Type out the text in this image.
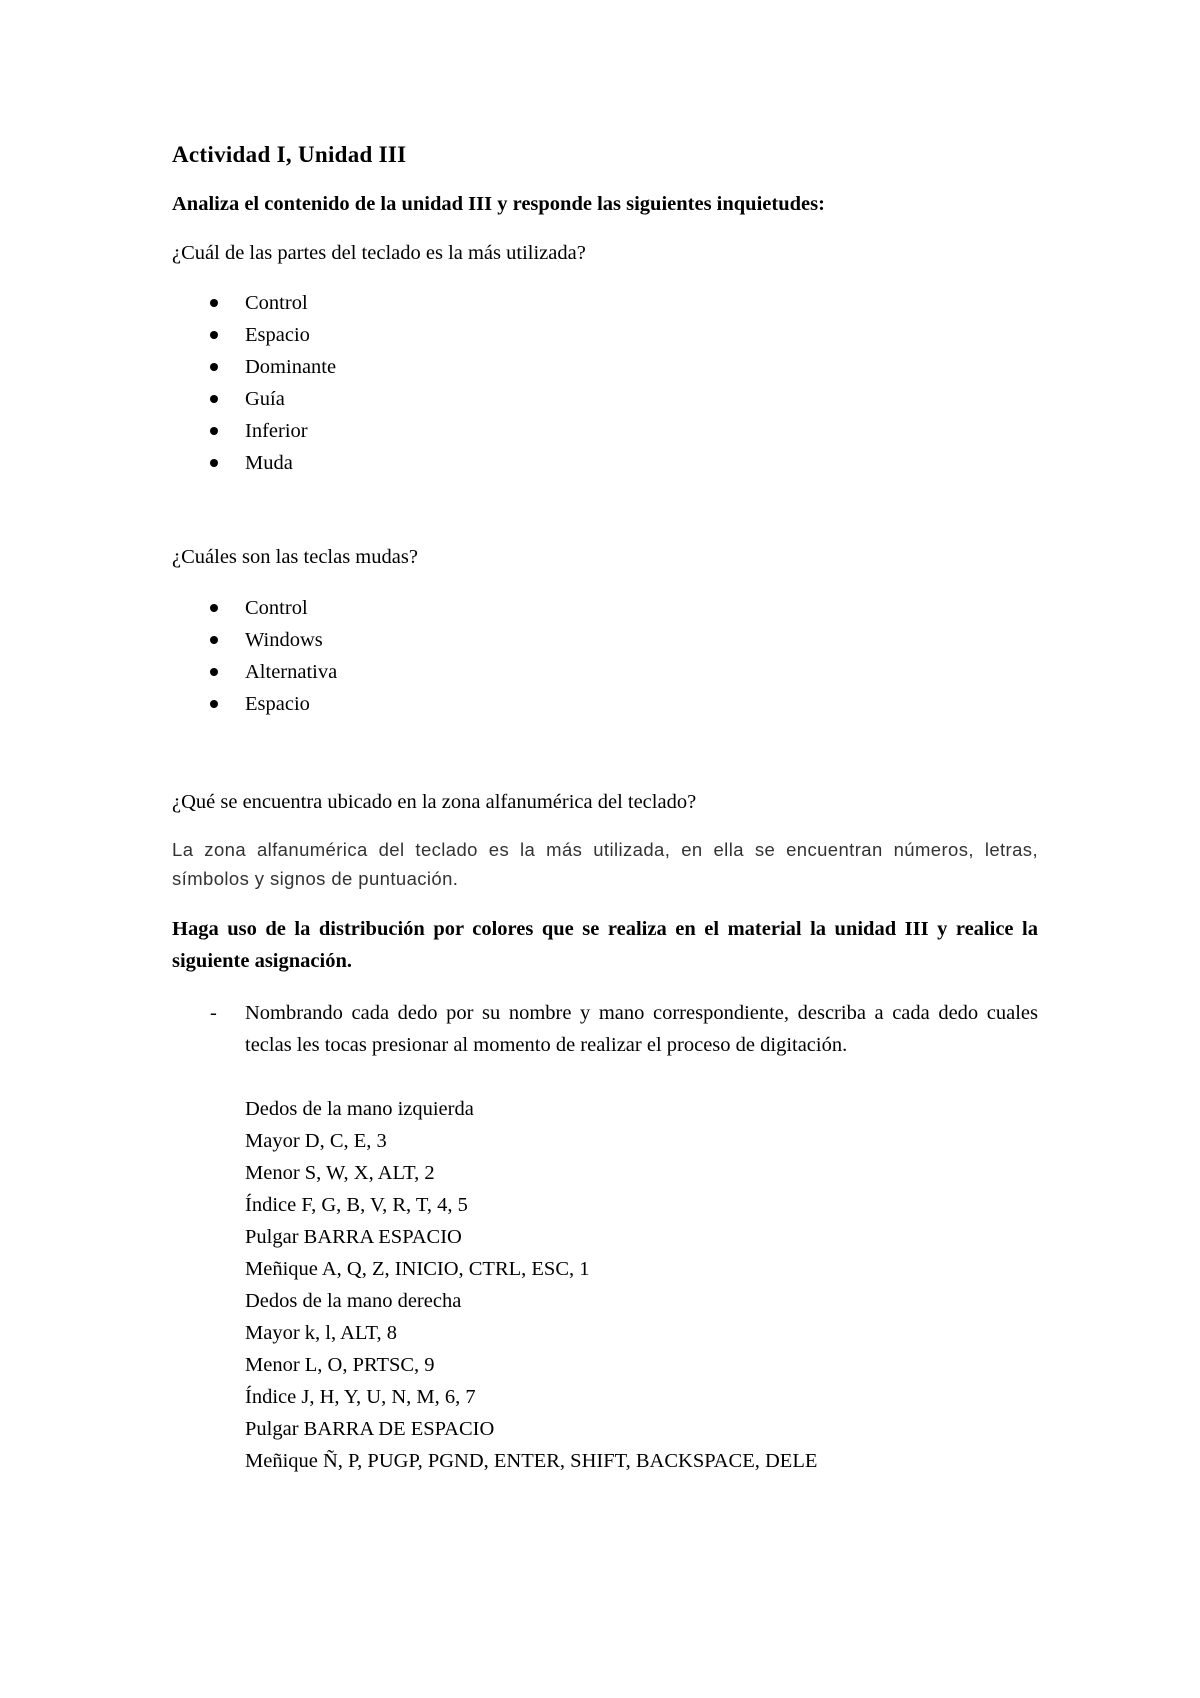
Actividad I, Unidad III
Analiza el contenido de la unidad III y responde las siguientes inquietudes:
¿Cuál de las partes del teclado es la más utilizada?
Control
Espacio
Dominante
Guía
Inferior
Muda
¿Cuáles son las teclas mudas?
Control
Windows
Alternativa
Espacio
¿Qué se encuentra ubicado en la zona alfanumérica del teclado?
La zona alfanumérica del teclado es la más utilizada, en ella se encuentran números, letras, símbolos y signos de puntuación.
Haga uso de la distribución por colores que se realiza en el material la unidad III y realice la siguiente asignación.
- Nombrando cada dedo por su nombre y mano correspondiente, describa a cada dedo cuales teclas les tocas presionar al momento de realizar el proceso de digitación.
Dedos de la mano izquierda
Mayor D, C, E, 3
Menor S, W, X, ALT, 2
Índice F, G, B, V, R, T, 4, 5
Pulgar BARRA ESPACIO
Meñique A, Q, Z, INICIO, CTRL, ESC, 1
Dedos de la mano derecha
Mayor k, l, ALT, 8
Menor L, O, PRTSC, 9
Índice J, H, Y, U, N, M, 6, 7
Pulgar BARRA DE ESPACIO
Meñique Ñ, P, PUGP, PGND, ENTER, SHIFT, BACKSPACE, DELE
